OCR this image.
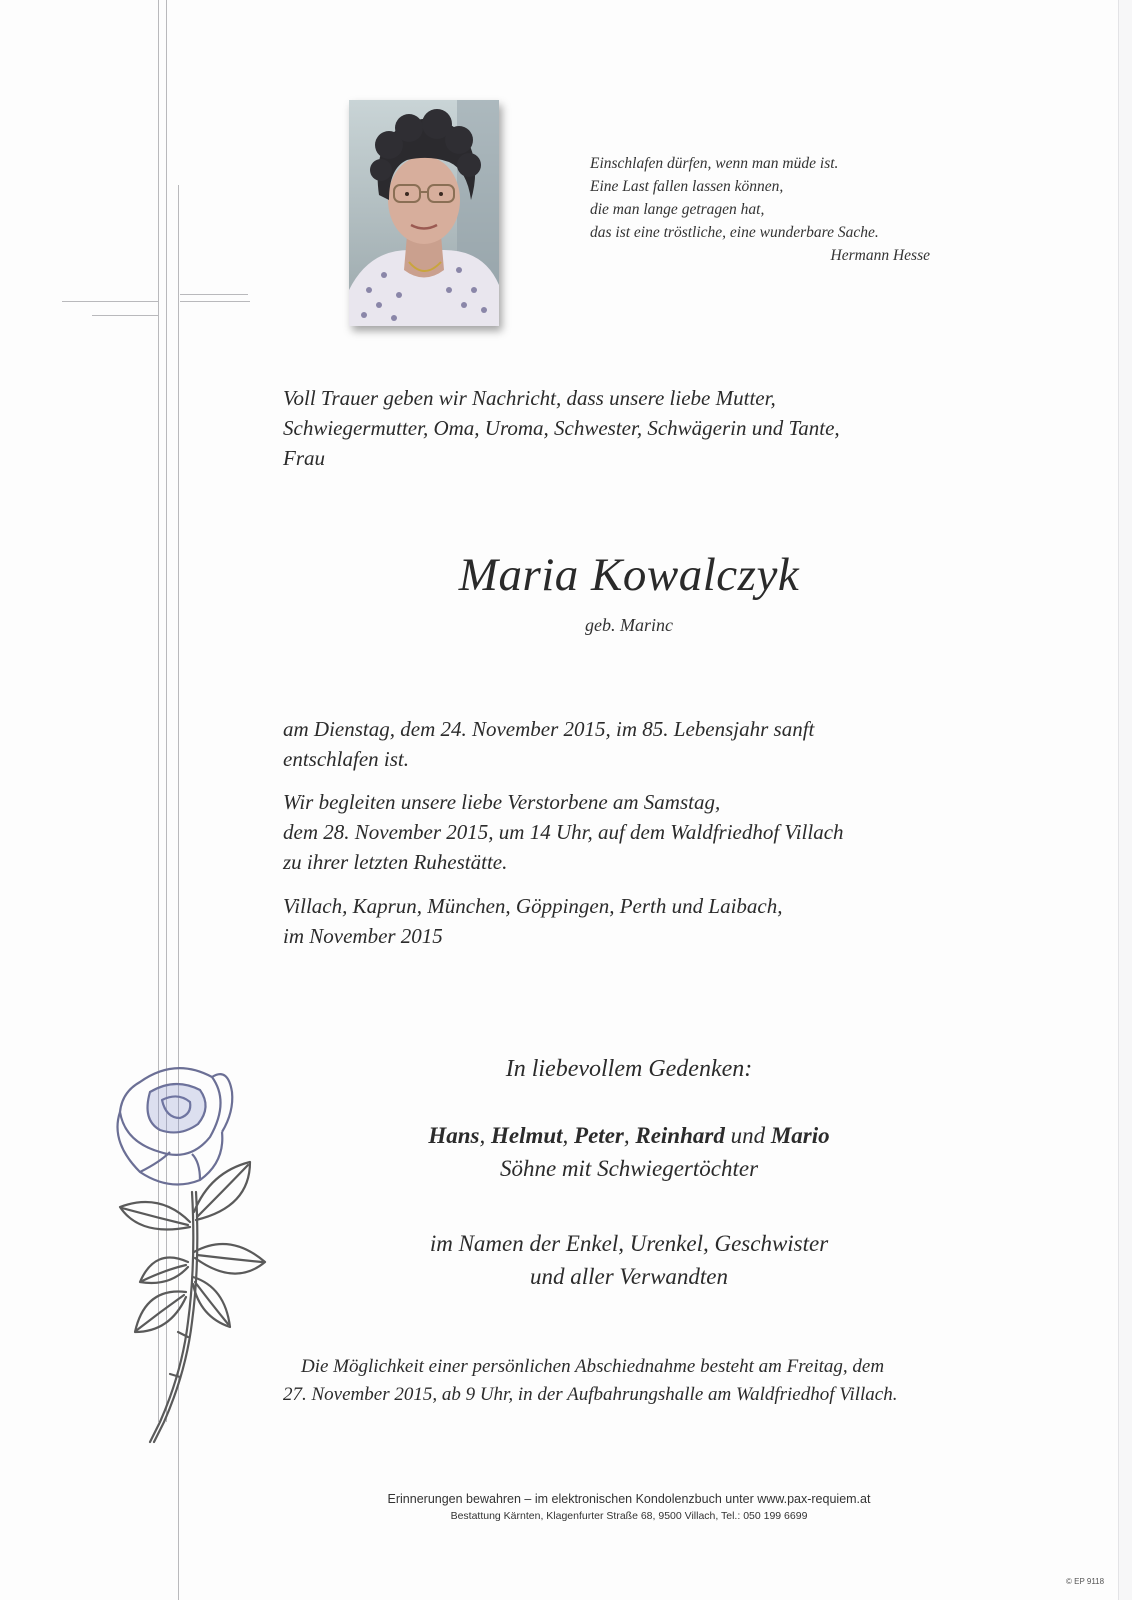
Einschlafen dürfen, wenn man müde ist.
Eine Last fallen lassen können,
die man lange getragen hat,
das ist eine tröstliche, eine wunderbare Sache.
Hermann Hesse
Voll Trauer geben wir Nachricht, dass unsere liebe Mutter,
Schwiegermutter, Oma, Uroma, Schwester, Schwägerin und Tante,
Frau
Maria Kowalczyk
geb. Marinc
am Dienstag, dem 24. November 2015, im 85. Lebensjahr sanft
entschlafen ist.
Wir begleiten unsere liebe Verstorbene am Samstag,
dem 28. November 2015, um 14 Uhr, auf dem Waldfriedhof Villach
zu ihrer letzten Ruhestätte.
Villach, Kaprun, München, Göppingen, Perth und Laibach,
im November 2015
In liebevollem Gedenken:
Hans, Helmut, Peter, Reinhard und Mario
Söhne mit Schwiegertöchter
im Namen der Enkel, Urenkel, Geschwister
und aller Verwandten
Die Möglichkeit einer persönlichen Abschiednahme besteht am Freitag, dem
27. November 2015, ab 9 Uhr, in der Aufbahrungshalle am Waldfriedhof Villach.
Erinnerungen bewahren – im elektronischen Kondolenzbuch unter www.pax-requiem.at
Bestattung Kärnten, Klagenfurter Straße 68, 9500 Villach, Tel.: 050 199 6699
© EP 9118
